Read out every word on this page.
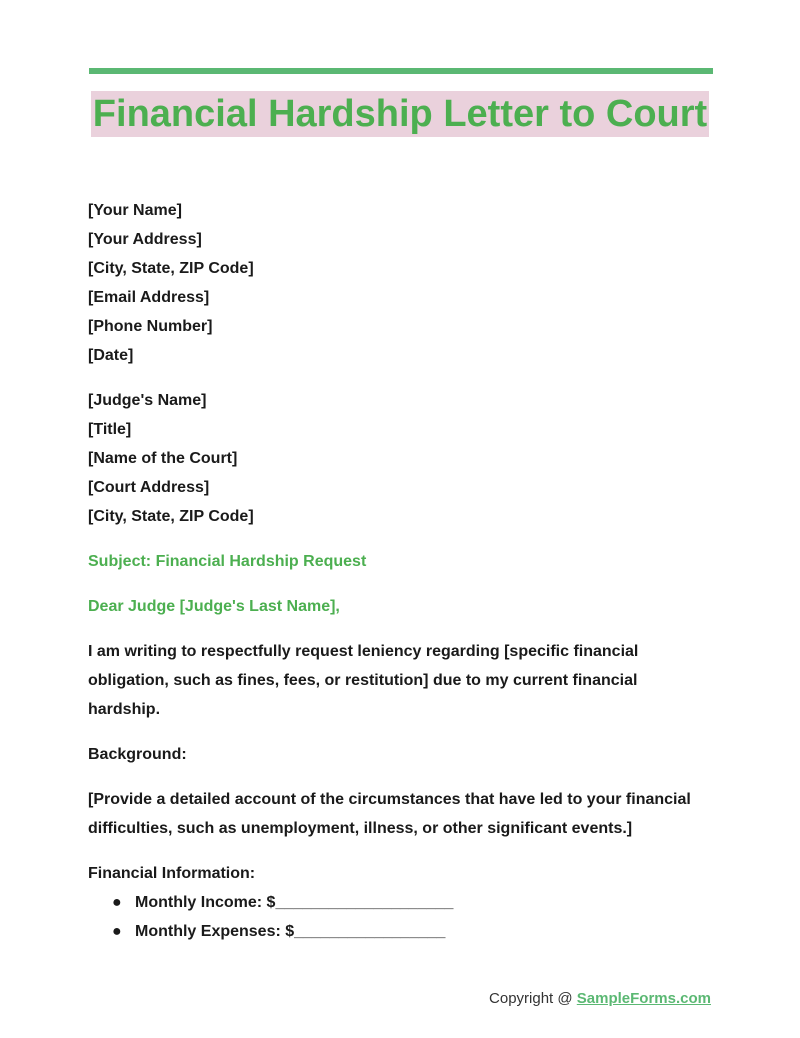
Financial Hardship Letter to Court
[Your Name]
[Your Address]
[City, State, ZIP Code]
[Email Address]
[Phone Number]
[Date]
[Judge's Name]
[Title]
[Name of the Court]
[Court Address]
[City, State, ZIP Code]
Subject: Financial Hardship Request
Dear Judge [Judge's Last Name],
I am writing to respectfully request leniency regarding [specific financial obligation, such as fines, fees, or restitution] due to my current financial hardship.
Background:
[Provide a detailed account of the circumstances that have led to your financial difficulties, such as unemployment, illness, or other significant events.]
Financial Information:
● Monthly Income: $____________________
● Monthly Expenses: $_________________
Copyright @ SampleForms.com
